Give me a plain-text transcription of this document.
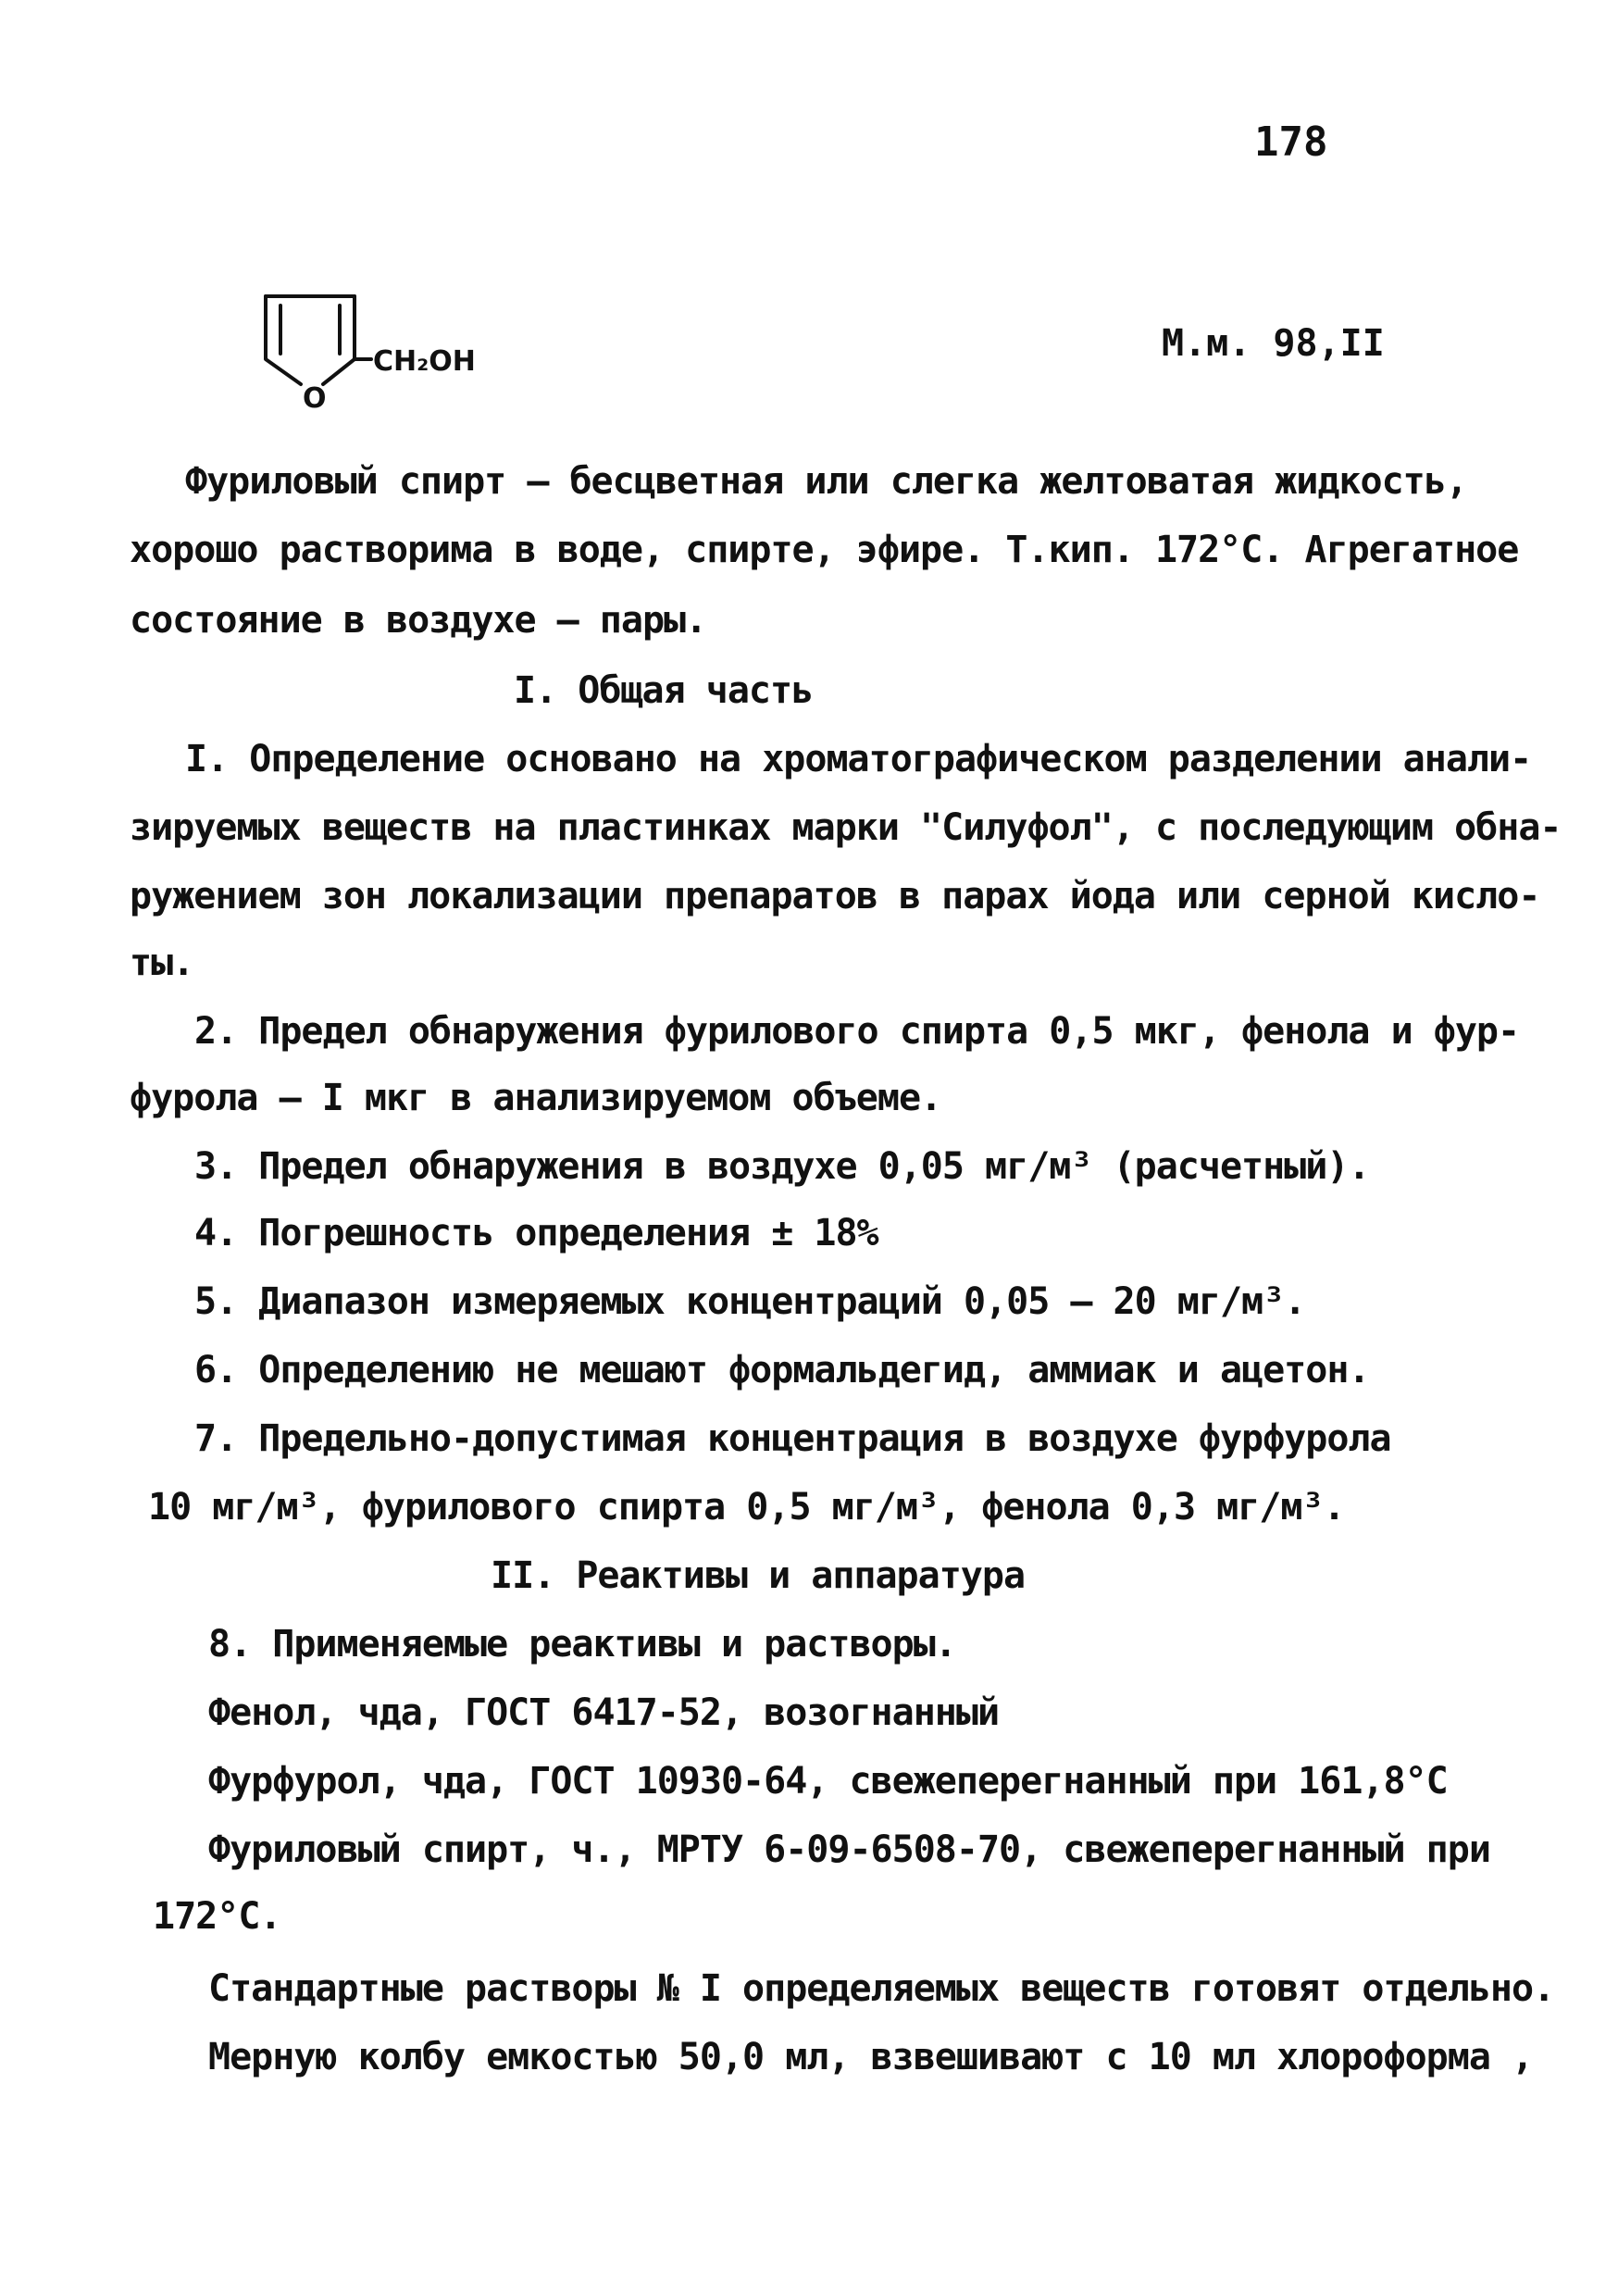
178
O
CH₂OH	М.м. 98,II
Фуриловый спирт – бесцветная или слегка желтоватая жидкость,
хорошо растворима в воде, спирте, эфире. Т.кип. 172°С. Агрегатное
состояние в воздухе – пары.
I. Общая часть
I. Определение основано на хроматографическом разделении анали-
зируемых веществ на пластинках марки "Силуфол", с последующим обна-
ружением зон локализации препаратов в парах йода или серной кисло-
ты.
2. Предел обнаружения фурилового спирта 0,5 мкг, фенола и фур-
фурола – I мкг в анализируемом объеме.
3. Предел обнаружения в воздухе 0,05 мг/м³ (расчетный).
4. Погрешность определения ± 18%
5. Диапазон измеряемых концентраций 0,05 – 20 мг/м³.
6. Определению не мешают формальдегид, аммиак и ацетон.
7. Предельно-допустимая концентрация в воздухе фурфурола
10 мг/м³, фурилового спирта 0,5 мг/м³, фенола 0,3 мг/м³.
II. Реактивы и аппаратура
8. Применяемые реактивы и растворы.
Фенол, чда, ГОСТ 6417-52, возогнанный
Фурфурол, чда, ГОСТ 10930-64, свежеперегнанный при 161,8°С
Фуриловый спирт, ч., МРТУ 6-09-6508-70, свежеперегнанный при
172°С.
Стандартные растворы № I определяемых веществ готовят отдельно.
Мерную колбу емкостью 50,0 мл, взвешивают с 10 мл хлороформа ,
